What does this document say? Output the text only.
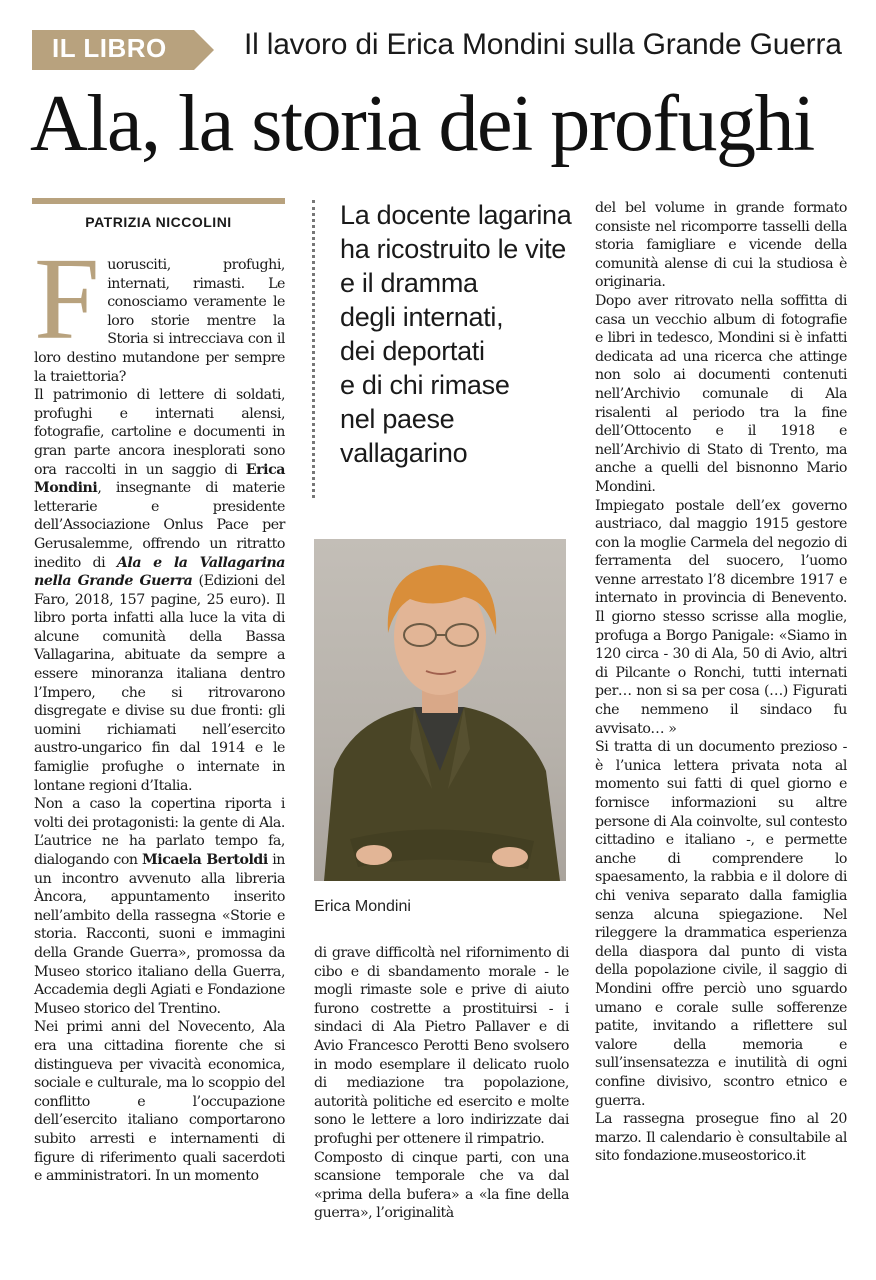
IL LIBRO	Il lavoro di Erica Mondini sulla Grande Guerra
Ala, la storia dei profughi
PATRIZIA NICCOLINI

Fuorusciti, profughi, internati, rimasti. Le conosciamo veramente le loro storie mentre la Storia si intrecciava con il loro destino mutandone per sempre la traiettoria?

Il patrimonio di lettere di soldati, profughi e internati alensi, fotografie, cartoline e documenti in gran parte ancora inesplorati sono ora raccolti in un saggio di Erica Mondini, insegnante di materie letterarie e presidente dell’Associazione Onlus Pace per Gerusalemme, offrendo un ritratto inedito di Ala e la Vallagarina nella Grande Guerra (Edizioni del Faro, 2018, 157 pagine, 25 euro). Il libro porta infatti alla luce la vita di alcune comunità della Bassa Vallagarina, abituate da sempre a essere minoranza italiana dentro l’Impero, che si ritrovarono disgregate e divise su due fronti: gli uomini richiamati nell’esercito austro-ungarico fin dal 1914 e le famiglie profughe o internate in lontane regioni d’Italia.

Non a caso la copertina riporta i volti dei protagonisti: la gente di Ala. L’autrice ne ha parlato tempo fa, dialogando con Micaela Bertoldi in un incontro avvenuto alla libreria Àncora, appuntamento inserito nell’ambito della rassegna «Storie e storia. Racconti, suoni e immagini della Grande Guerra», promossa da Museo storico italiano della Guerra, Accademia degli Agiati e Fondazione Museo storico del Trentino.

Nei primi anni del Novecento, Ala era una cittadina fiorente che si distingueva per vivacità economica, sociale e culturale, ma lo scoppio del conflitto e l’occupazione dell’esercito italiano comportarono subito arresti e internamenti di figure di riferimento quali sacerdoti e amministratori. In un momento

La docente lagarina
ha ricostruito le vite
e il dramma
degli internati,
dei deportati
e di chi rimase
nel paese
vallagarino
Erica Mondini

di grave difficoltà nel rifornimento di cibo e di sbandamento morale - le mogli rimaste sole e prive di aiuto furono costrette a prostituirsi - i sindaci di Ala Pietro Pallaver e di Avio Francesco Perotti Beno svolsero in modo esemplare il delicato ruolo di mediazione tra popolazione, autorità politiche ed esercito e molte sono le lettere a loro indirizzate dai profughi per ottenere il rimpatrio.

Composto di cinque parti, con una scansione temporale che va dal «prima della bufera» a «la fine della guerra», l’originalità

del bel volume in grande formato consiste nel ricomporre tasselli della storia famigliare e vicende della comunità alense di cui la studiosa è originaria.

Dopo aver ritrovato nella soffitta di casa un vecchio album di fotografie e libri in tedesco, Mondini si è infatti dedicata ad una ricerca che attinge non solo ai documenti contenuti nell’Archivio comunale di Ala risalenti al periodo tra la fine dell’Ottocento e il 1918 e nell’Archivio di Stato di Trento, ma anche a quelli del bisnonno Mario Mondini.

Impiegato postale dell’ex governo austriaco, dal maggio 1915 gestore con la moglie Carmela del negozio di ferramenta del suocero, l’uomo venne arrestato l’8 dicembre 1917 e internato in provincia di Benevento. Il giorno stesso scrisse alla moglie, profuga a Borgo Panigale: «Siamo in 120 circa - 30 di Ala, 50 di Avio, altri di Pilcante o Ronchi, tutti internati per… non si sa per cosa (…) Figurati che nemmeno il sindaco fu avvisato… »

Si tratta di un documento prezioso - è l’unica lettera privata nota al momento sui fatti di quel giorno e fornisce informazioni su altre persone di Ala coinvolte, sul contesto cittadino e italiano -, e permette anche di comprendere lo spaesamento, la rabbia e il dolore di chi veniva separato dalla famiglia senza alcuna spiegazione. Nel rileggere la drammatica esperienza della diaspora dal punto di vista della popolazione civile, il saggio di Mondini offre perciò uno sguardo umano e corale sulle sofferenze patite, invitando a riflettere sul valore della memoria e sull’insensatezza e inutilità di ogni confine divisivo, scontro etnico e guerra.

La rassegna prosegue fino al 20 marzo. Il calendario è consultabile al sito fondazione.museostorico.it
